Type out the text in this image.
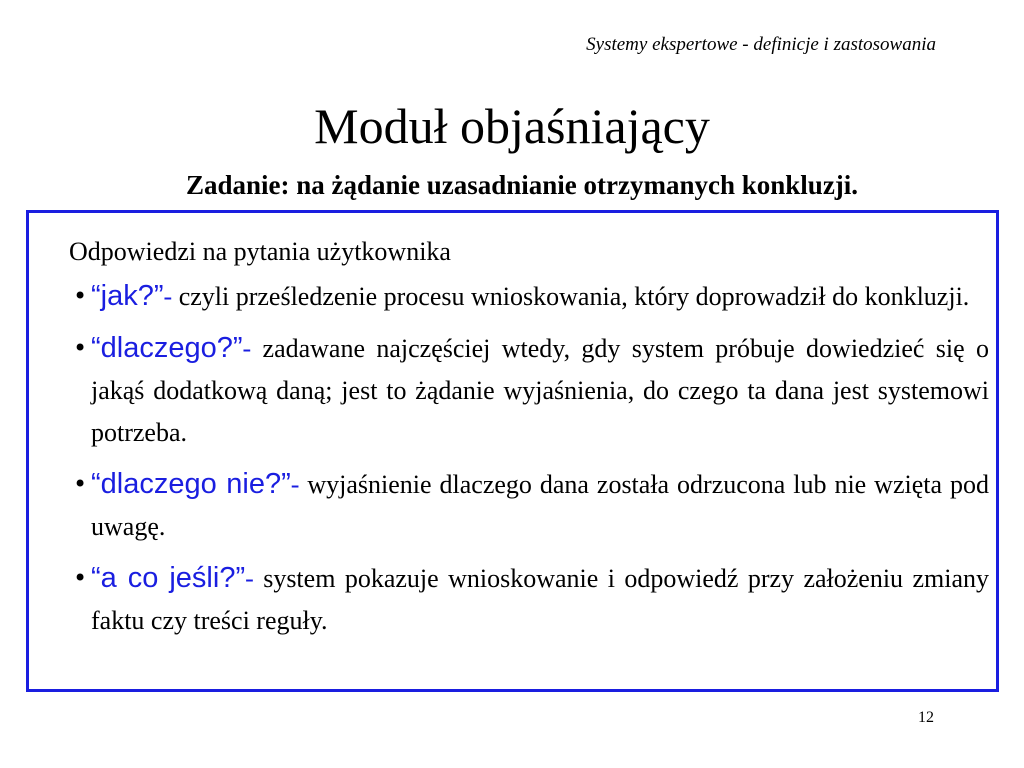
Systemy ekspertowe - definicje i zastosowania
Moduł objaśniający
Zadanie: na żądanie uzasadnianie otrzymanych konkluzji.
Odpowiedzi na pytania użytkownika
• “jak?”- czyli prześledzenie procesu wnioskowania, który doprowadził do konkluzji.
• “dlaczego?”- zadawane najczęściej wtedy, gdy system próbuje dowiedzieć się o jakąś dodatkową daną; jest to żądanie wyjaśnienia, do czego ta dana jest systemowi potrzeba.
• “dlaczego nie?”- wyjaśnienie dlaczego dana została odrzucona lub nie wzięta pod uwagę.
• “a co jeśli?”- system pokazuje wnioskowanie i odpowiedź przy założeniu zmiany faktu czy treści reguły.
12
